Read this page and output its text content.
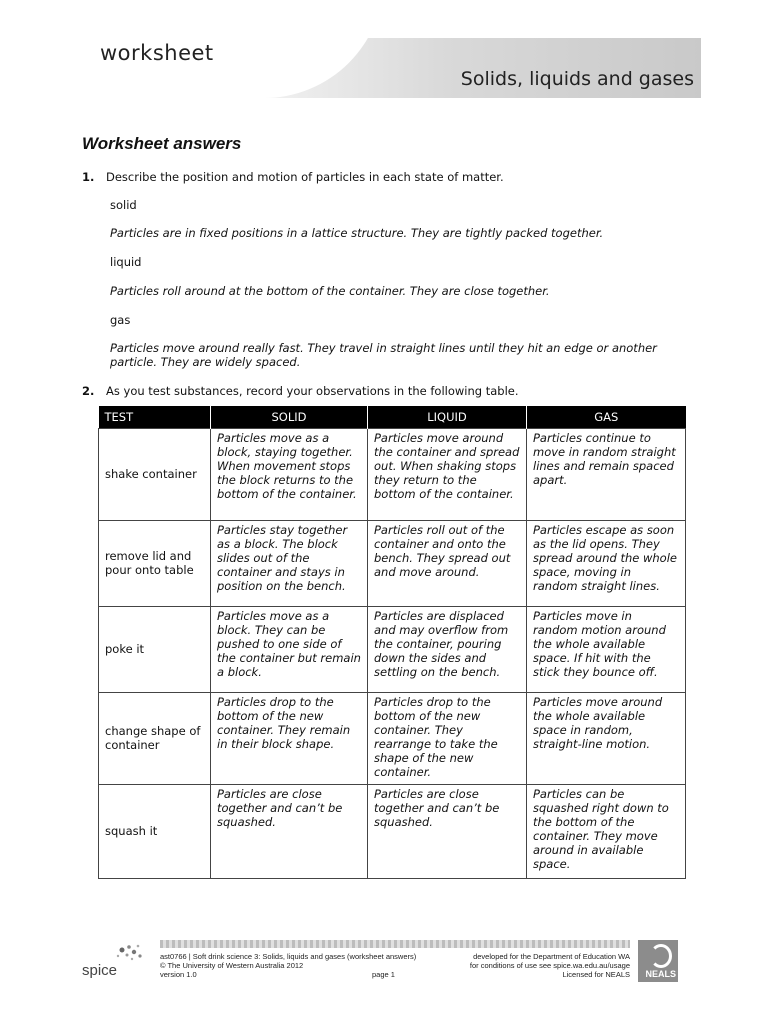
worksheet
Solids, liquids and gases
Worksheet answers
1. Describe the position and motion of particles in each state of matter.
solid
Particles are in fixed positions in a lattice structure. They are tightly packed together.
liquid
Particles roll around at the bottom of the container. They are close together.
gas
Particles move around really fast. They travel in straight lines until they hit an edge or another particle. They are widely spaced.
2. As you test substances, record your observations in the following table.
TEST	SOLID	LIQUID	GAS
shake container	Particles move as a block, staying together. When movement stops the block returns to the bottom of the container.	Particles move around the container and spread out. When shaking stops they return to the bottom of the container.	Particles continue to move in random straight lines and remain spaced apart.
remove lid and pour onto table	Particles stay together as a block. The block slides out of the container and stays in position on the bench.	Particles roll out of the container and onto the bench. They spread out and move around.	Particles escape as soon as the lid opens. They spread around the whole space, moving in random straight lines.
poke it	Particles move as a block. They can be pushed to one side of the container but remain a block.	Particles are displaced and may overflow from the container, pouring down the sides and settling on the bench.	Particles move in random motion around the whole available space. If hit with the stick they bounce off.
change shape of container	Particles drop to the bottom of the new container. They remain in their block shape.	Particles drop to the bottom of the new container. They rearrange to take the shape of the new container.	Particles move around the whole available space in random, straight-line motion.
squash it	Particles are close together and can’t be squashed.	Particles are close together and can’t be squashed.	Particles can be squashed right down to the bottom of the container. They move around in available space.
spice
ast0766 | Soft drink science 3: Solids, liquids and gases (worksheet answers)
© The University of Western Australia 2012
version 1.0	page 1
developed for the Department of Education WA
for conditions of use see spice.wa.edu.au/usage
Licensed for NEALS NEALS
